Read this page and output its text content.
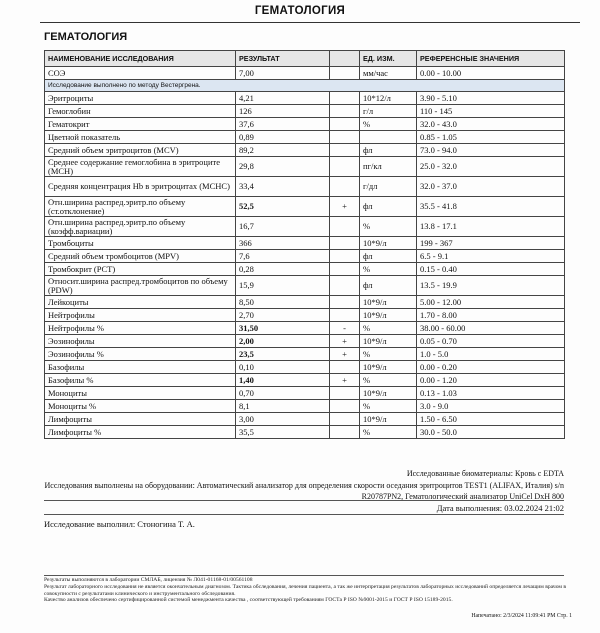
ГЕМАТОЛОГИЯ
ГЕМАТОЛОГИЯ
НАИМЕНОВАНИЕ ИССЛЕДОВАНИЯ	РЕЗУЛЬТАТ		ЕД. ИЗМ.	РЕФЕРЕНСНЫЕ ЗНАЧЕНИЯ
СОЭ	7,00		мм/час	0.00 - 10.00
Исследование выполнено по методу Вестергрена.				
Эритроциты	4,21		10*12/л	3.90 - 5.10
Гемоглобин	126		г/л	110 - 145
Гематокрит	37,6		%	32.0 - 43.0
Цветной показатель	0,89			0.85 - 1.05
Средний объем эритроцитов (MCV)	89,2		фл	73.0 - 94.0
Среднее содержание гемоглобина в эритроците (MCH)	29,8		пг/кл	25.0 - 32.0
Средняя концентрация Hb в эритроцитах (MCHC)	33,4		г/дл	32.0 - 37.0
Отн.ширина распред.эритр.по объему (ст.отклонение)	52,5	+	фл	35.5 - 41.8
Отн.ширина распред.эритр.по объему (коэфф.вариации)	16,7		%	13.8 - 17.1
Тромбоциты	366		10*9/л	199 - 367
Средний объем тромбоцитов (MPV)	7,6		фл	6.5 - 9.1
Тромбокрит (PCT)	0,28		%	0.15 - 0.40
Относит.ширина распред.тромбоцитов по объему (PDW)	15,9		фл	13.5 - 19.9
Лейкоциты	8,50		10*9/л	5.00 - 12.00
Нейтрофилы	2,70		10*9/л	1.70 - 8.00
Нейтрофилы %	31,50	-	%	38.00 - 60.00
Эозинофилы	2,00	+	10*9/л	0.05 - 0.70
Эозинофилы %	23,5	+	%	1.0 - 5.0
Базофилы	0,10		10*9/л	0.00 - 0.20
Базофилы %	1,40	+	%	0.00 - 1.20
Моноциты	0,70		10*9/л	0.13 - 1.03
Моноциты %	8,1		%	3.0 - 9.0
Лимфоциты	3,00		10*9/л	1.50 - 6.50
Лимфоциты %	35,5		%	30.0 - 50.0
Исследованные биоматериалы: Кровь с EDTA
Исследования выполнены на оборудовании: Автоматический анализатор для определения скорости оседания эритроцитов TEST1 (ALIFAX, Италия) s/n R20787PN2, Гематологический анализатор UniCel DxH 800
Дата выполнения: 03.02.2024 21:02
Исследование выполнил: Стоногина Т. А.
Результаты выполняются в лаборатории СМЛАБ, лицензия № Л041-01168-01/00561108
Результат лабораторного исследования не является окончательным диагнозом. Тактика обследования, лечения пациента, а так же интерпретация результатов лабораторных исследований определяется лечащим врачом в совокупности с результатами клинического и инструментального обследования.
Качество анализов обеспечено сертифицированной системой менеджмента качества , соответствующей требованиям ГОСТа Р ISO №9001-2015 и ГОСТ Р ISO 15189-2015.
Напечатано: 2/3/2024 11:09:41 PM Стр. 1
